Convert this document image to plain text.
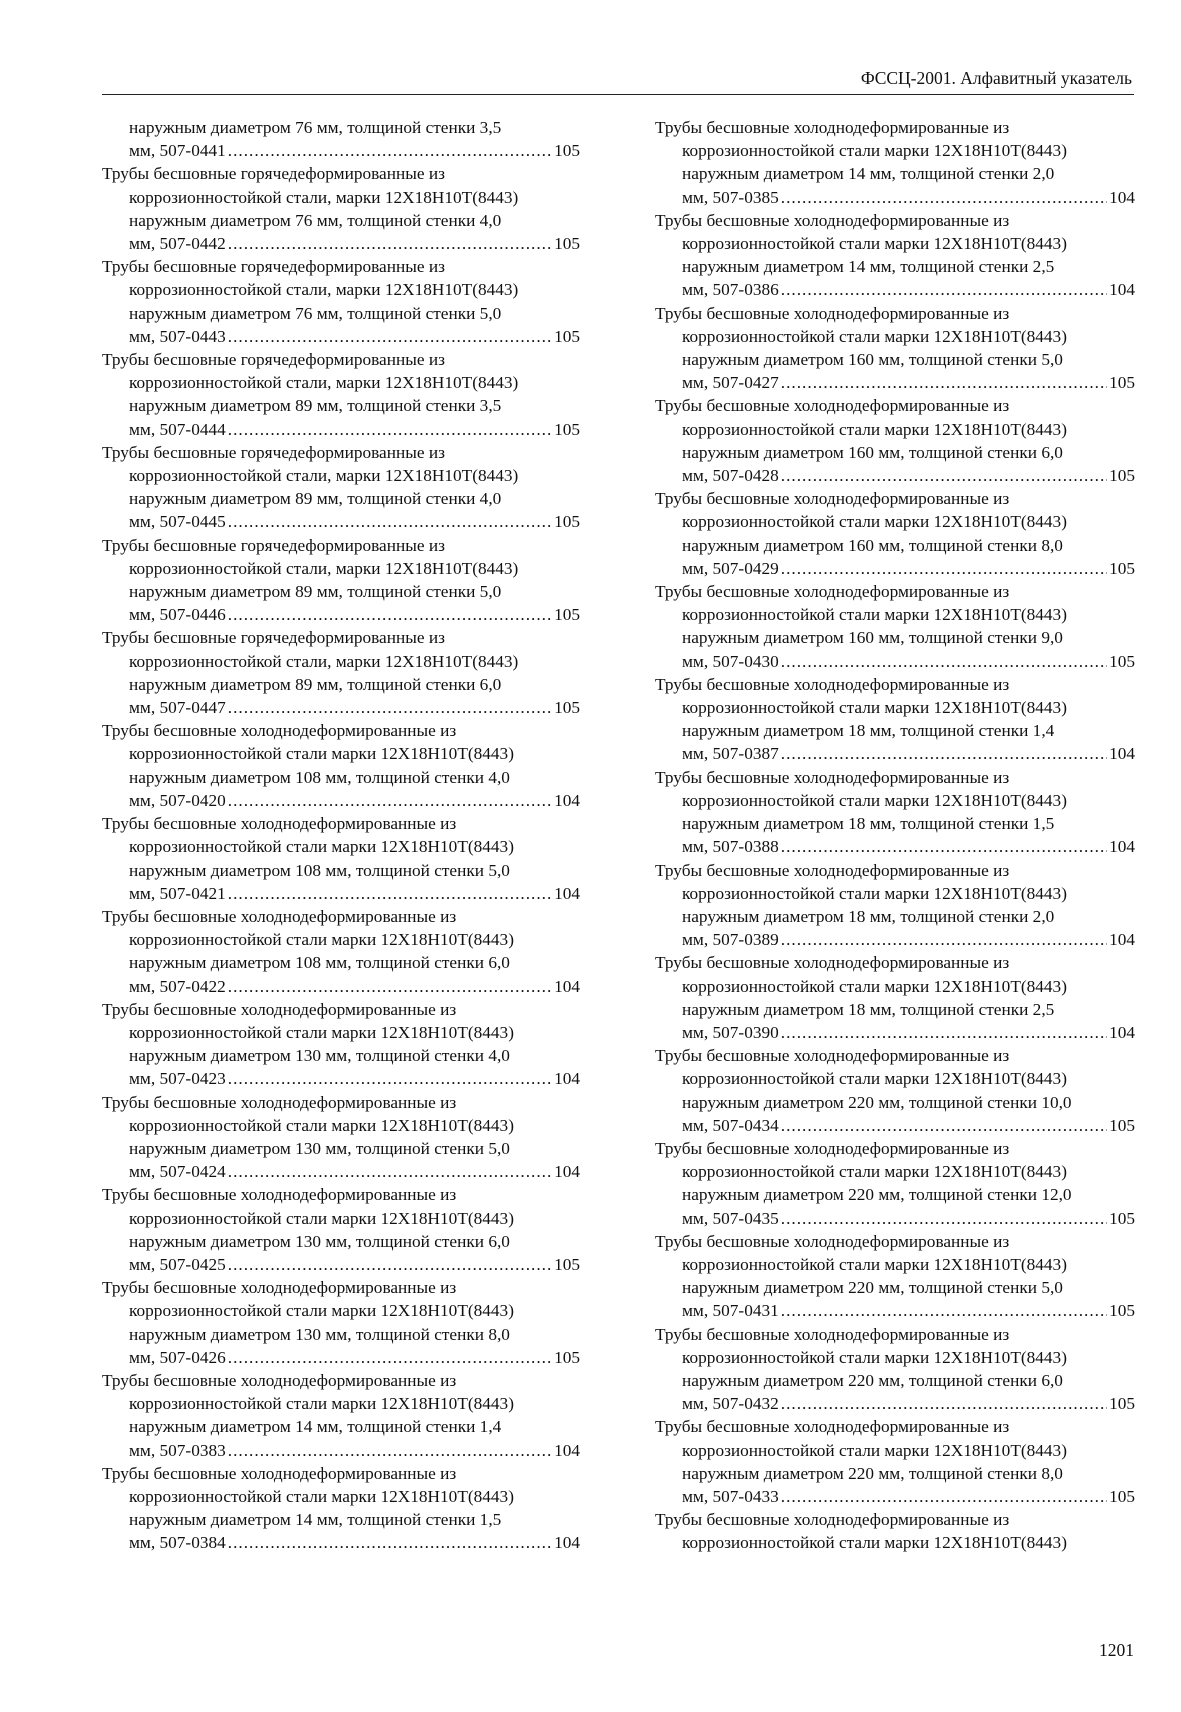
ФССЦ-2001. Алфавитный указатель
наружным диаметром 76 мм, толщиной стенки 3,5
мм, 507-0441 .....	105
Трубы бесшовные горячедеформированные из
коррозионностойкой стали, марки 12Х18Н10Т(8443)
наружным диаметром 76 мм, толщиной стенки 4,0
мм, 507-0442 .....	105
Трубы бесшовные горячедеформированные из
коррозионностойкой стали, марки 12Х18Н10Т(8443)
наружным диаметром 76 мм, толщиной стенки 5,0
мм, 507-0443 .....	105
Трубы бесшовные горячедеформированные из
коррозионностойкой стали, марки 12Х18Н10Т(8443)
наружным диаметром 89 мм, толщиной стенки 3,5
мм, 507-0444 .....	105
Трубы бесшовные горячедеформированные из
коррозионностойкой стали, марки 12Х18Н10Т(8443)
наружным диаметром 89 мм, толщиной стенки 4,0
мм, 507-0445 .....	105
Трубы бесшовные горячедеформированные из
коррозионностойкой стали, марки 12Х18Н10Т(8443)
наружным диаметром 89 мм, толщиной стенки 5,0
мм, 507-0446 .....	105
Трубы бесшовные горячедеформированные из
коррозионностойкой стали, марки 12Х18Н10Т(8443)
наружным диаметром 89 мм, толщиной стенки 6,0
мм, 507-0447 .....	105
Трубы бесшовные холоднодеформированные из
коррозионностойкой стали марки 12Х18Н10Т(8443)
наружным диаметром 108 мм, толщиной стенки 4,0
мм, 507-0420 .....	104
Трубы бесшовные холоднодеформированные из
коррозионностойкой стали марки 12Х18Н10Т(8443)
наружным диаметром 108 мм, толщиной стенки 5,0
мм, 507-0421 .....	104
Трубы бесшовные холоднодеформированные из
коррозионностойкой стали марки 12Х18Н10Т(8443)
наружным диаметром 108 мм, толщиной стенки 6,0
мм, 507-0422 .....	104
Трубы бесшовные холоднодеформированные из
коррозионностойкой стали марки 12Х18Н10Т(8443)
наружным диаметром 130 мм, толщиной стенки 4,0
мм, 507-0423 .....	104
Трубы бесшовные холоднодеформированные из
коррозионностойкой стали марки 12Х18Н10Т(8443)
наружным диаметром 130 мм, толщиной стенки 5,0
мм, 507-0424 .....	104
Трубы бесшовные холоднодеформированные из
коррозионностойкой стали марки 12Х18Н10Т(8443)
наружным диаметром 130 мм, толщиной стенки 6,0
мм, 507-0425 .....	105
Трубы бесшовные холоднодеформированные из
коррозионностойкой стали марки 12Х18Н10Т(8443)
наружным диаметром 130 мм, толщиной стенки 8,0
мм, 507-0426 .....	105
Трубы бесшовные холоднодеформированные из
коррозионностойкой стали марки 12Х18Н10Т(8443)
наружным диаметром 14 мм, толщиной стенки 1,4
мм, 507-0383 .....	104
Трубы бесшовные холоднодеформированные из
коррозионностойкой стали марки 12Х18Н10Т(8443)
наружным диаметром 14 мм, толщиной стенки 1,5
мм, 507-0384 .....	104
Трубы бесшовные холоднодеформированные из
коррозионностойкой стали марки 12Х18Н10Т(8443)
наружным диаметром 14 мм, толщиной стенки 2,0
мм, 507-0385 .....	104
Трубы бесшовные холоднодеформированные из
коррозионностойкой стали марки 12Х18Н10Т(8443)
наружным диаметром 14 мм, толщиной стенки 2,5
мм, 507-0386 .....	104
Трубы бесшовные холоднодеформированные из
коррозионностойкой стали марки 12Х18Н10Т(8443)
наружным диаметром 160 мм, толщиной стенки 5,0
мм, 507-0427 .....	105
Трубы бесшовные холоднодеформированные из
коррозионностойкой стали марки 12Х18Н10Т(8443)
наружным диаметром 160 мм, толщиной стенки 6,0
мм, 507-0428 .....	105
Трубы бесшовные холоднодеформированные из
коррозионностойкой стали марки 12Х18Н10Т(8443)
наружным диаметром 160 мм, толщиной стенки 8,0
мм, 507-0429 .....	105
Трубы бесшовные холоднодеформированные из
коррозионностойкой стали марки 12Х18Н10Т(8443)
наружным диаметром 160 мм, толщиной стенки 9,0
мм, 507-0430 .....	105
Трубы бесшовные холоднодеформированные из
коррозионностойкой стали марки 12Х18Н10Т(8443)
наружным диаметром 18 мм, толщиной стенки 1,4
мм, 507-0387 .....	104
Трубы бесшовные холоднодеформированные из
коррозионностойкой стали марки 12Х18Н10Т(8443)
наружным диаметром 18 мм, толщиной стенки 1,5
мм, 507-0388 .....	104
Трубы бесшовные холоднодеформированные из
коррозионностойкой стали марки 12Х18Н10Т(8443)
наружным диаметром 18 мм, толщиной стенки 2,0
мм, 507-0389 .....	104
Трубы бесшовные холоднодеформированные из
коррозионностойкой стали марки 12Х18Н10Т(8443)
наружным диаметром 18 мм, толщиной стенки 2,5
мм, 507-0390 .....	104
Трубы бесшовные холоднодеформированные из
коррозионностойкой стали марки 12Х18Н10Т(8443)
наружным диаметром 220 мм, толщиной стенки 10,0
мм, 507-0434 .....	105
Трубы бесшовные холоднодеформированные из
коррозионностойкой стали марки 12Х18Н10Т(8443)
наружным диаметром 220 мм, толщиной стенки 12,0
мм, 507-0435 .....	105
Трубы бесшовные холоднодеформированные из
коррозионностойкой стали марки 12Х18Н10Т(8443)
наружным диаметром 220 мм, толщиной стенки 5,0
мм, 507-0431 .....	105
Трубы бесшовные холоднодеформированные из
коррозионностойкой стали марки 12Х18Н10Т(8443)
наружным диаметром 220 мм, толщиной стенки 6,0
мм, 507-0432 .....	105
Трубы бесшовные холоднодеформированные из
коррозионностойкой стали марки 12Х18Н10Т(8443)
наружным диаметром 220 мм, толщиной стенки 8,0
мм, 507-0433 .....	105
Трубы бесшовные холоднодеформированные из
коррозионностойкой стали марки 12Х18Н10Т(8443)
1201
